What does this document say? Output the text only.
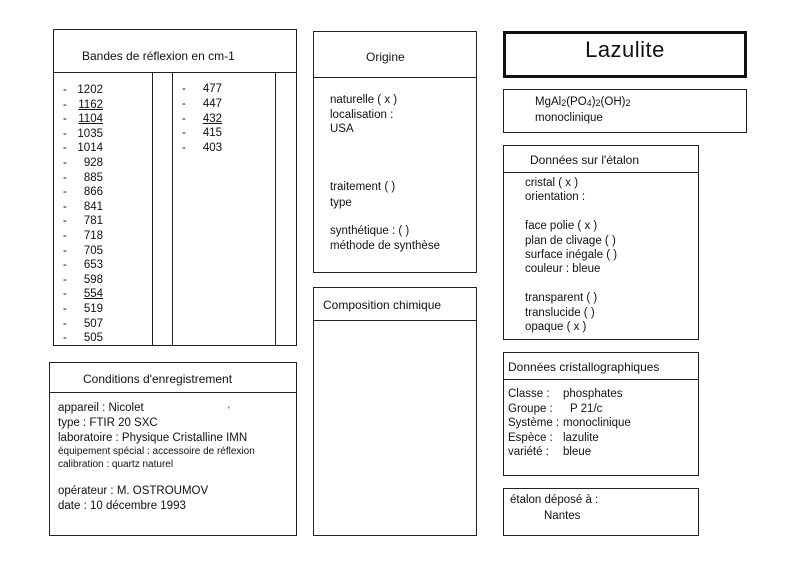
Bandes de réflexion en cm-1
- 1202
- 1162
- 1104
- 1035
- 1014
-	928
-	885
-	866
-	841
-	781
-	718
-	705
-	653
-	598
-	554
-	519
-	507
-	505
-	477
-	447
-	432
-	415
-	403
Origine
naturelle ( x )
localisation :
USA
traitement ( )
type
synthétique : ( )
méthode de synthèse
Composition chimique
Lazulite
MgAl2(PO4)2(OH)2
monoclinique
Données sur l'étalon
cristal ( x )
orientation :
face polie ( x )
plan de clivage ( )
surface inégale ( )
couleur : bleue
transparent ( )
translucide ( )
opaque ( x )
Données cristallographiques
Classe : phosphates
Groupe : P 21/c
Système : monoclinique
Espèce : lazulite
variété : bleue
étalon déposé à :
Nantes
Conditions d'enregistrement
appareil : Nicolet	'
type : FTIR 20 SXC
laboratoire : Physique Cristalline IMN
équipement spécial : accessoire de réflexion
calibration : quartz naturel
opérateur : M. OSTROUMOV
date : 10 décembre 1993
